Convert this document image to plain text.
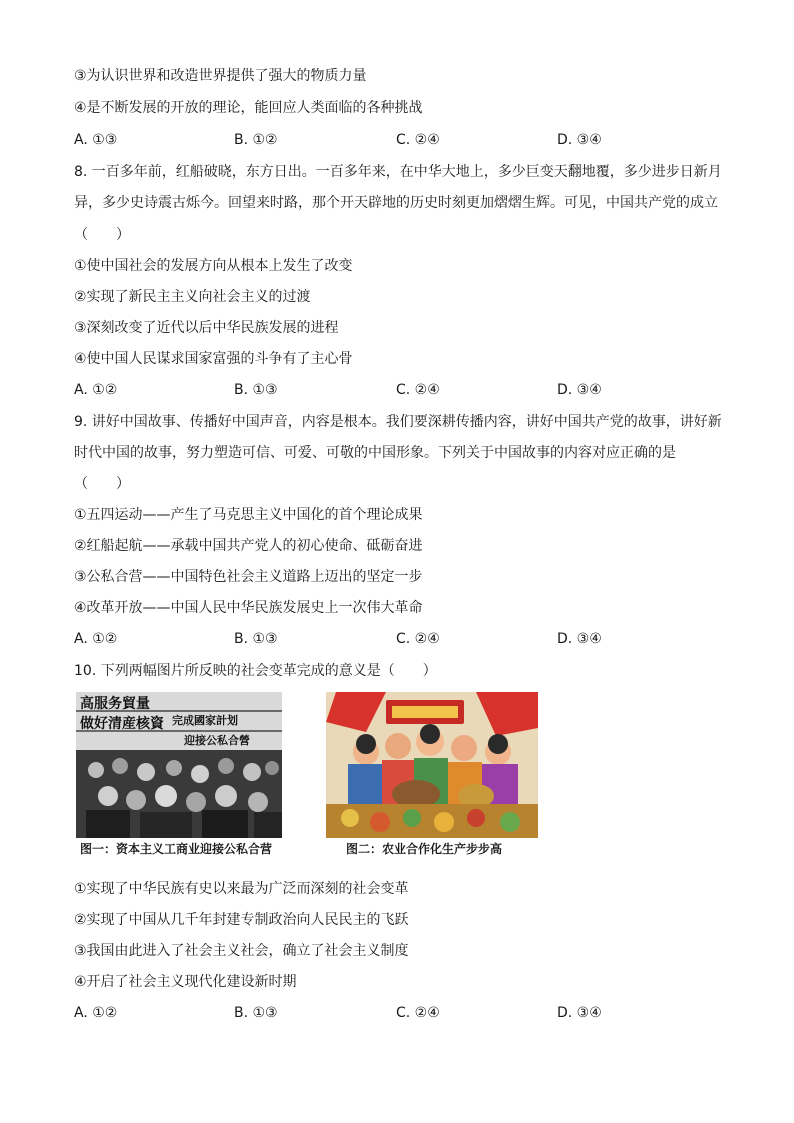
③为认识世界和改造世界提供了强大的物质力量
④是不断发展的开放的理论，能回应人类面临的各种挑战
A. ①③	B. ①②	C. ②④	D. ③④
8. 一百多年前，红船破晓，东方日出。一百多年来，在中华大地上，多少巨变天翻地覆，多少进步日新月
异，多少史诗震古烁今。回望来时路，那个开天辟地的历史时刻更加熠熠生辉。可见，中国共产党的成立
（　　）
①使中国社会的发展方向从根本上发生了改变
②实现了新民主主义向社会主义的过渡
③深刻改变了近代以后中华民族发展的进程
④使中国人民谋求国家富强的斗争有了主心骨
A. ①②	B. ①③	C. ②④	D. ③④
9. 讲好中国故事、传播好中国声音，内容是根本。我们要深耕传播内容，讲好中国共产党的故事，讲好新
时代中国的故事，努力塑造可信、可爱、可敬的中国形象。下列关于中国故事的内容对应正确的是
（　　）
①五四运动——产生了马克思主义中国化的首个理论成果
②红船起航——承载中国共产党人的初心使命、砥砺奋进
③公私合营——中国特色社会主义道路上迈出的坚定一步
④改革开放——中国人民中华民族发展史上一次伟大革命
A. ①②	B. ①③	C. ②④	D. ③④
10. 下列两幅图片所反映的社会变革完成的意义是（　　）
高服务貿量
做好清産核資 完成國家計划
迎接公私合營
图一：资本主义工商业迎接公私合营	图二：农业合作化生产步步高
①实现了中华民族有史以来最为广泛而深刻的社会变革
②实现了中国从几千年封建专制政治向人民民主的飞跃
③我国由此进入了社会主义社会，确立了社会主义制度
④开启了社会主义现代化建设新时期
A. ①②	B. ①③	C. ②④	D. ③④
